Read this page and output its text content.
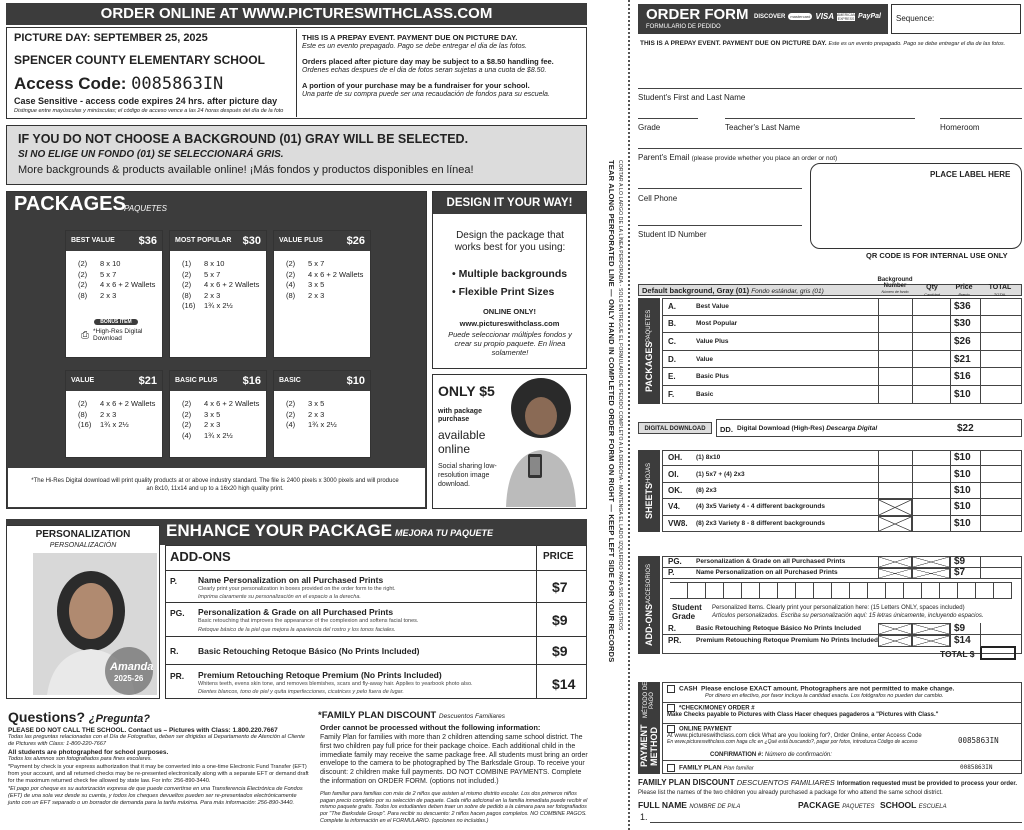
ORDER ONLINE AT WWW.PICTURESWITHCLASS.COM
PICTURE DAY: SEPTEMBER 25, 2025
SPENCER COUNTY ELEMENTARY SCHOOL
Access Code: 0085863IN
Case Sensitive - access code expires 24 hrs. after picture day
Distingue entre mayúsculas y minúsculas; el código de acceso vence a las 24 horas después del día de la foto
THIS IS A PREPAY EVENT. PAYMENT DUE ON PICTURE DAY.
Este es un evento prepagado. Pago se debe entregar el dia de las fotos.
Orders placed after picture day may be subject to a $8.50 handling fee.
Ordenes echas despues de el dia de fotos seran sujetas a una cuota de $8.50.
A portion of your purchase may be a fundraiser for your school.
Una parte de su compra puede ser una recaudación de fondos para su escuela.
IF YOU DO NOT CHOOSE A BACKGROUND (01) GRAY WILL BE SELECTED.
SI NO ELIGE UN FONDO (01) SE SELECCIONARÁ GRIS.
More backgrounds & products available online! ¡Más fondos y productos disponibles en línea!
PACKAGES
PAQUETES
BEST VALUE $36
(2) 8 x 10
(2) 5 x 7
(2) 4 x 6 + 2 Wallets
(8) 2 x 3
BONUS ITEM
⎙ *High-Res Digital Download
MOST POPULAR $30
(1) 8 x 10
(2) 5 x 7
(2) 4 x 6 + 2 Wallets
(8) 2 x 3
(16) 1¾ x 2½
VALUE PLUS $26
(2) 5 x 7
(2) 4 x 6 + 2 Wallets
(4) 3 x 5
(8) 2 x 3
VALUE	$21
(2) 4 x 6 + 2 Wallets
(8) 2 x 3
(16) 1¾ x 2½
BASIC PLUS $16
(2) 4 x 6 + 2 Wallets
(2) 3 x 5
(2) 2 x 3
(4) 1¾ x 2½
BASIC	$10
(2) 3 x 5
(2) 2 x 3
(4) 1¾ x 2½
*The Hi-Res Digital download will print quality products at or above industry standard. The file is 2400 pixels x 3000 pixels and will produce an 8x10, 11x14 and up to a 16x20 high quality print.
DESIGN IT YOUR WAY!
Design the package that works best for you using:
• Multiple backgrounds
• Flexible Print Sizes
ONLINE ONLY!
www.pictureswithclass.com
Puede seleccionar múltiples fondos y crear su propio paquete. En línea solamente!
ONLY $5
with package purchase
available online
Social sharing low-resolution image download.
ENHANCE YOUR PACKAGE MEJORA TU PAQUETE
PERSONALIZATION
PERSONALIZACIÓN
Amanda
2025-26
ADD-ONS	PRICE
P. Name Personalization on all Purchased Prints
Clearly print your personalization in boxes provided on the order form to the right.
Imprima claramente su personalización en el espacio a la derecha.
$7
PG. Personalization & Grade on all Purchased Prints
Basic retouching that improves the appearance of the complexion and softens facial tones.
Retoque básico de la piel que mejora la apariencia del rostro y los tonos faciales.
$9
R. Basic Retouching Retoque Básico (No Prints Included)	$9
PR. Premium Retouching Retoque Premium (No Prints Included)
Whitens teeth, evens skin tone, and removes blemishes, scars and fly-away hair. Applies to yearbook photo also.
Dientes blancos, tono de piel y quita imperfecciones, cicatrices y pelo fuera de lugar.	$14
Questions? ¿Pregunta?
PLEASE DO NOT CALL THE SCHOOL. Contact us – Pictures with Class: 1.800.220.7667
Todas las preguntas relacionadas con el Día de Fotografías, deben ser dirigidas al Departamento de Atención al Cliente de Pictures with Class: 1-800-220-7667
All students are photographed for school purposes.
Todos los alumnos son fotografiados para fines escolares.
*Payment by check is your express authorization that it may be converted into a one-time Electronic Fund Transfer (EFT) from your account, and all returned checks may be re-presented electronically along with a separate EFT or demand draft for the maximum returned check fee allowed by state law. For info: 256-890-3440.
*El pago por cheque es su autorización expresa de que puede convertirse en una Transferencia Electrónica de Fondos (EFT) de una sola vez desde su cuenta, y todos los cheques devueltos pueden ser re-presentados electrónicamente junto con un EFT separado o un borrador de demanda para la tarifa máxima. Para más información: 256-890-3440.
*FAMILY PLAN DISCOUNT Descuentos Familiares
Order cannot be processed without the following information:
Family Plan for families with more than 2 children attending same school district. The first two children pay full price for their package choice. Each additional child in the immediate family may receive the same package free. All students must bring an order envelope to the camera to be photographed by The Barksdale Group. To receive your discount: 2 children make full payments. DO NOT COMBINE PAYMENTS. Complete the information on ORDER FORM. (options not included.)
Plan familiar para familias con más de 2 niños que asisten al mismo distrito escolar. Los dos primeros niños pagan precio completo por su selección de paquete. Cada niño adicional en la familia inmediata puede recibir el mismo paquete gratis. Todos los estudiantes deben traer un sobre de pedido a la cámara para ser fotografiados por "The Barksdale Group". Para recibir su descuento: 2 niños hacen pagos completos. NO COMBINE PAGOS. Complete la información en el FORMULARIO. (opciones no incluidas.)
TEAR ALONG PERFORATED LINE — ONLY HAND IN COMPLETED ORDER FORM ON RIGHT — KEEP LEFT SIDE FOR YOUR RECORDS CORTAR A LO LARGO DE LA LÍNEA PERFORADA - SOLO ENTREGUE EL FORMULARIO DE PEDIDO COMPLETO A LA DERECHA - MANTENGA EL LADO IZQUIERDO PARA SUS REGISTROS
ORDER FORM
FORMULARIO DE PEDIDO
DISCOVER	mastercard VISA AMERICAN EXPRESS PayPal Sequence:
THIS IS A PREPAY EVENT. PAYMENT DUE ON PICTURE DAY. Este es un evento prepagado. Pago se debe entregar el dia de las fotos.
Student's First and Last Name
Grade	Teacher's Last Name	Homeroom
Parent's Email (please provide whether you place an order or not)
Cell Phone
Student ID Number
PLACE LABEL HERE
QR CODE IS FOR INTERNAL USE ONLY
Default background, Gray (01) Fondo estándar, gris (01)
Background Number
Número de fondo
Qty
Cantidad
Price
Precio
TOTAL
TOTAL
PACKAGES
PAQUETES
A.	Best Value	$36
B.	Most Popular	$30
C.	Value Plus	$26
D.	Value	$21
E.	Basic Plus	$16
F.	Basic	$10
DIGITAL DOWNLOAD	DD. Digital Download (High-Res) Descarga Digital	$22
SHEETS
HOJAS
OH. (1) 8x10	$10
OI.	(1) 5x7 + (4) 2x3	$10
OK. (8) 2x3	$10
V4. (4) 3x5 Variety 4 - 4 different backgrounds	$10
VW8. (8) 2x3 Variety 8 - 8 different backgrounds	$10
ADD-ONS
ACCESORIOS
PG. Personalization & Grade on all Purchased Prints	$9
P.	Name Personalization on all Purchased Prints	$7
Student
Grade
Personalized Items. Clearly print your personalization here: (15 Letters ONLY, spaces included)
Artículos personalizados. Escriba su personalización aquí: 15 letras únicamente, incluyendo espacios.
TOTAL $
PAYMENT METHOD
MÉTODO DE PAGO
CASH Please enclose EXACT amount. Photographers are not permitted to make change.
Por dinero en efectivo, por favor incluya la cantidad exacta. Los fotógrafos no pueden dar cambio.
*CHECK/MONEY ORDER #
Make Checks payable to Pictures with Class Hacer cheques pagaderos a "Pictures with Class."
ONLINE PAYMENT
At www.pictureswithclass.com click What are you looking for?, Order Online, enter Access Code
En www.pictureswithclass.com haga clic en ¿Qué está buscando?, pagar por fotos, introduzca Código de acceso	0085863IN
CONFIRMATION #: Número de confirmación:
FAMILY PLAN Plan familiar	0085863IN
FAMILY PLAN DISCOUNT DESCUENTOS FAMILIARES Information requested must be provided to process your order.
Please list the names of the two children you already purchased a package for who attend the same school district.
FULL NAME NOMBRE DE PILA	PACKAGE PAQUETES SCHOOL ESCUELA
1.
R.	Basic Retouching Retoque Básico No Prints Included	$9
PR. Premium Retouching Retoque Premium No Prints Included	$14
